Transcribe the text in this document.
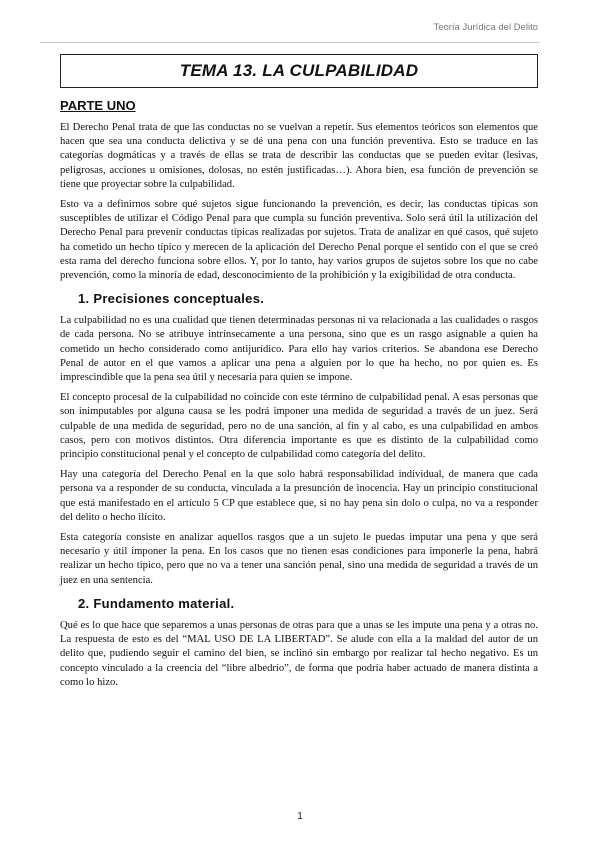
Teoría Jurídica del Delito
TEMA 13. LA CULPABILIDAD
PARTE UNO

El Derecho Penal trata de que las conductas no se vuelvan a repetir. Sus elementos teóricos son elementos que hacen que sea una conducta delictiva y se dé una pena con una función preventiva. Esto se traduce en las categorías dogmáticas y a través de ellas se trata de describir las conductas que se pueden evitar (lesivas, peligrosas, acciones u omisiones, dolosas, no estén justificadas…). Ahora bien, esa función de prevención se tiene que proyectar sobre la culpabilidad.

Esto va a definirnos sobre qué sujetos sigue funcionando la prevención, es decir, las conductas típicas son susceptibles de utilizar el Código Penal para que cumpla su función preventiva. Solo será útil la utilización del Derecho Penal para prevenir conductas típicas realizadas por sujetos. Trata de analizar en qué casos, qué sujeto ha cometido un hecho típico y merecen de la aplicación del Derecho Penal porque el sentido con el que se creó esta rama del derecho funciona sobre ellos. Y, por lo tanto, hay varios grupos de sujetos sobre los que no cabe prevención, como la minoría de edad, desconocimiento de la prohibición y la exigibilidad de otra conducta.

1. Precisiones conceptuales.

La culpabilidad no es una cualidad que tienen determinadas personas ni va relacionada a las cualidades o rasgos de cada persona. No se atribuye intrínsecamente a una persona, sino que es un rasgo asignable a quien ha cometido un hecho considerado como antijurídico. Para ello hay varios criterios. Se abandona ese Derecho Penal de autor en el que vamos a aplicar una pena a alguien por lo que ha hecho, no por quien es. Es imprescindible que la pena sea útil y necesaria para quien se impone.

El concepto procesal de la culpabilidad no coincide con este término de culpabilidad penal. A esas personas que son inimputables por alguna causa se les podrá imponer una medida de seguridad a través de un juez. Será culpable de una medida de seguridad, pero no de una sanción, al fin y al cabo, es una culpabilidad en ambos casos, pero con motivos distintos. Otra diferencia importante es que es distinto de la culpabilidad como principio constitucional penal y el concepto de culpabilidad como categoría del delito.

Hay una categoría del Derecho Penal en la que solo habrá responsabilidad individual, de manera que cada persona va a responder de su conducta, vinculada a la presunción de inocencia. Hay un principio constitucional que está manifestado en el artículo 5 CP que establece que, si no hay pena sin dolo o culpa, no va a responder del delito o hecho ilícito.

Esta categoría consiste en analizar aquellos rasgos que a un sujeto le puedas imputar una pena y que será necesario y útil imponer la pena. En los casos que no tienen esas condiciones para imponerle la pena, habrá realizar un hecho típico, pero que no va a tener una sanción penal, sino una medida de seguridad a través de un juez en una sentencia.

2. Fundamento material.

Qué es lo que hace que separemos a unas personas de otras para que a unas se les impute una pena y a otras no. La respuesta de esto es del “MAL USO DE LA LIBERTAD”. Se alude con ella a la maldad del autor de un delito que, pudiendo seguir el camino del bien, se inclinó sin embargo por realizar tal hecho negativo. Es un concepto vinculado a la creencia del “libre albedrío”, de forma que podría haber actuado de manera distinta a como lo hizo.

1
